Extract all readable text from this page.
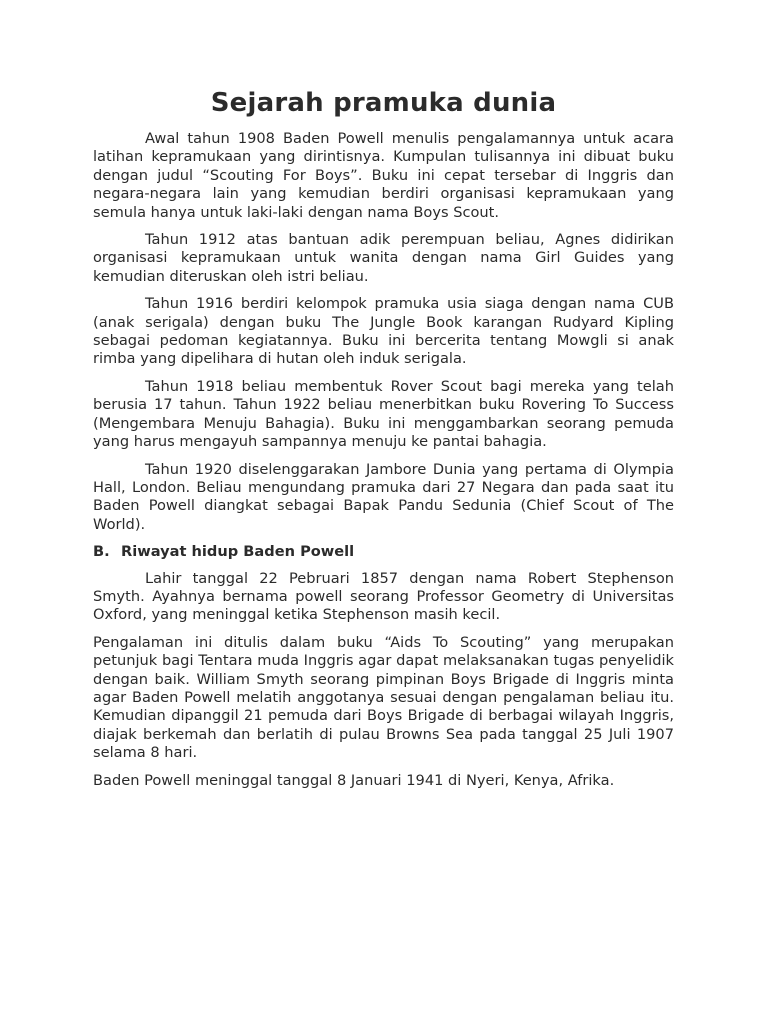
Sejarah pramuka dunia

Awal tahun 1908 Baden Powell menulis pengalamannya untuk acara latihan kepramukaan yang dirintisnya. Kumpulan tulisannya ini dibuat buku dengan judul “Scouting For Boys”. Buku ini cepat tersebar di Inggris dan negara-negara lain yang kemudian berdiri organisasi kepramukaan yang semula hanya untuk laki-laki dengan nama Boys Scout.

Tahun 1912 atas bantuan adik perempuan beliau, Agnes didirikan organisasi kepramukaan untuk wanita dengan nama Girl Guides yang kemudian diteruskan oleh istri beliau.

Tahun 1916 berdiri kelompok pramuka usia siaga dengan nama CUB (anak serigala) dengan buku The Jungle Book karangan Rudyard Kipling sebagai pedoman kegiatannya. Buku ini bercerita tentang Mowgli si anak rimba yang dipelihara di hutan oleh induk serigala.

Tahun 1918 beliau membentuk Rover Scout bagi mereka yang telah berusia 17 tahun. Tahun 1922 beliau menerbitkan buku Rovering To Success (Mengembara Menuju Bahagia). Buku ini menggambarkan seorang pemuda yang harus mengayuh sampannya menuju ke pantai bahagia.

Tahun 1920 diselenggarakan Jambore Dunia yang pertama di Olympia Hall, London. Beliau mengundang pramuka dari 27 Negara dan pada saat itu Baden Powell diangkat sebagai Bapak Pandu Sedunia (Chief Scout of The World).

B. Riwayat hidup Baden Powell

Lahir tanggal 22 Pebruari 1857 dengan nama Robert Stephenson Smyth. Ayahnya bernama powell seorang Professor Geometry di Universitas Oxford, yang meninggal ketika Stephenson masih kecil.

Pengalaman ini ditulis dalam buku “Aids To Scouting” yang merupakan petunjuk bagi Tentara muda Inggris agar dapat melaksanakan tugas penyelidik dengan baik. William Smyth seorang pimpinan Boys Brigade di Inggris minta agar Baden Powell melatih anggotanya sesuai dengan pengalaman beliau itu. Kemudian dipanggil 21 pemuda dari Boys Brigade di berbagai wilayah Inggris, diajak berkemah dan berlatih di pulau Browns Sea pada tanggal 25 Juli 1907 selama 8 hari.

Baden Powell meninggal tanggal 8 Januari 1941 di Nyeri, Kenya, Afrika.
